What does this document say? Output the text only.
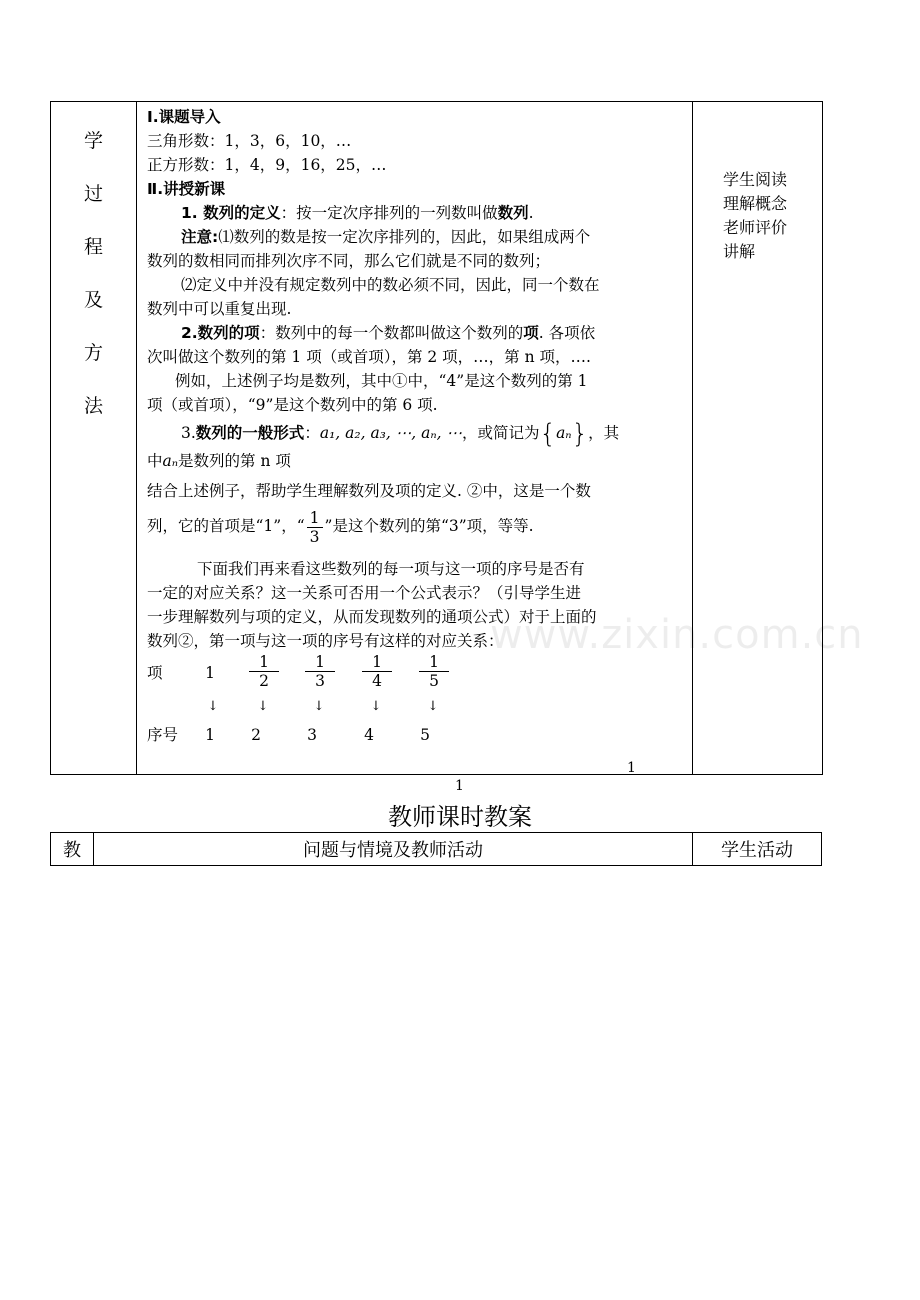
学
过
程
及
方
法

Ⅰ.课题导入
三角形数：1，3，6，10，…
正方形数：1，4，9，16，25，…
Ⅱ.讲授新课
1. 数列的定义：按一定次序排列的一列数叫做数列.
注意:⑴数列的数是按一定次序排列的，因此，如果组成两个
数列的数相同而排列次序不同，那么它们就是不同的数列；
⑵定义中并没有规定数列中的数必须不同，因此，同一个数在
数列中可以重复出现.
2.数列的项：数列中的每一个数都叫做这个数列的项. 各项依
次叫做这个数列的第 1 项（或首项），第 2 项，…，第 n 项，….
例如，上述例子均是数列，其中①中，“4”是这个数列的第 1
项（或首项），“9”是这个数列中的第 6 项.
3.数列的一般形式：a₁, a₂, a₃, ⋯, aₙ, ⋯，或简记为{aₙ}，其
中aₙ是数列的第 n 项
结合上述例子，帮助学生理解数列及项的定义. ②中，这是一个数
列，它的首项是“1”，“ $\frac{1}{3}$ ”是这个数列的第“3”项，等等.
下面我们再来看这些数列的每一项与这一项的序号是否有
一定的对应关系？这一关系可否用一个公式表示？（引导学生进
一步理解数列与项的定义，从而发现数列的通项公式）对于上面的
数列②，第一项与这一项的序号有这样的对应关系：
项	1	$\frac{1}{2} \frac{1}{3} \frac{1}{4} \frac{1}{5}$
↓	↓	↓	↓	↓
序号	1	2	3	4	5

学生阅读
理解概念
老师评价
讲解
www.zixin.com.cn
1
1
教师课时教案
教	问题与情境及教师活动	学生活动
